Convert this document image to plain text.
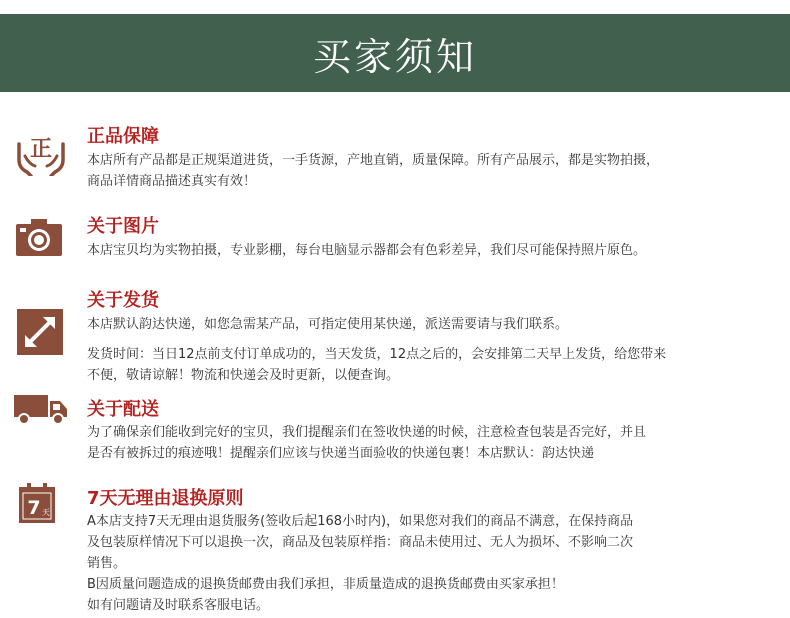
买家须知
正
正品保障
本店所有产品都是正规渠道进货，一手货源，产地直销，质量保障。所有产品展示，都是实物拍摄，
商品详情商品描述真实有效！
关于图片
本店宝贝均为实物拍摄，专业影棚，每台电脑显示器都会有色彩差异，我们尽可能保持照片原色。
关于发货
本店默认韵达快递，如您急需某产品，可指定使用某快递，派送需要请与我们联系。
发货时间：当日12点前支付订单成功的，当天发货，12点之后的，会安排第二天早上发货，给您带来
不便，敬请谅解！物流和快递会及时更新，以便查询。
关于配送
为了确保亲们能收到完好的宝贝，我们提醒亲们在签收快递的时候，注意检查包装是否完好，并且
是否有被拆过的痕迹哦！提醒亲们应该与快递当面验收的快递包裹！本店默认：韵达快递
7 天
7天无理由退换原则
A本店支持7天无理由退货服务(签收后起168小时内)，如果您对我们的商品不满意，在保持商品
及包装原样情况下可以退换一次，商品及包装原样指：商品未使用过、无人为损坏、不影响二次
销售。
B因质量问题造成的退换货邮费由我们承担，非质量造成的退换货邮费由买家承担！
如有问题请及时联系客服电话。
